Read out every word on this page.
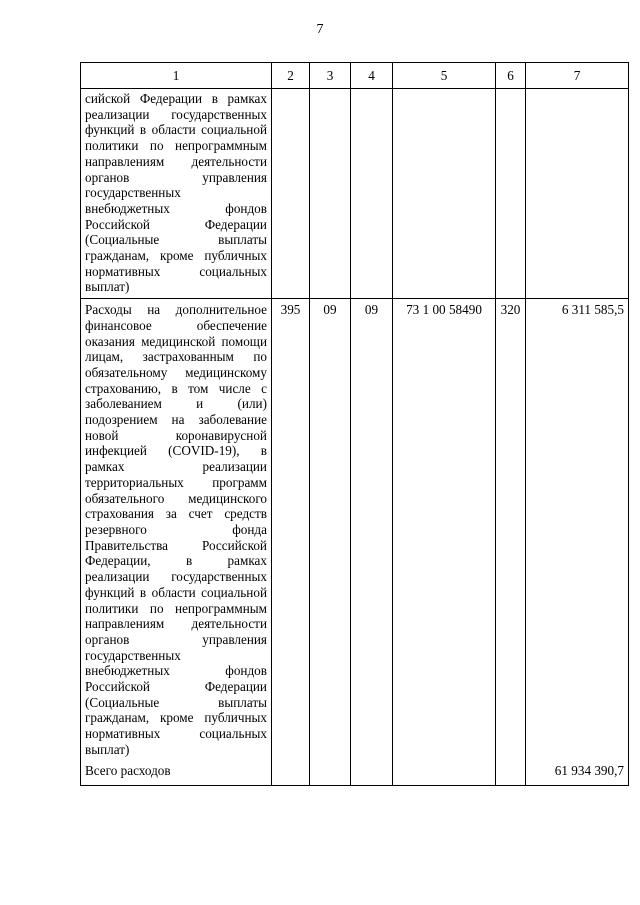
7
1	2	3	4	5	6	7
сийской Федерации в рамках реализации государственных функций в области социальной политики по непрограммным направлениям деятельности органов управления государственных внебюджетных фондов Российской Федерации (Социальные выплаты гражданам, кроме публичных нормативных социальных выплат)						
Расходы на дополнительное финансовое обеспечение оказания медицинской помощи лицам, застрахованным по обязательному медицинскому страхованию, в том числе с заболеванием и (или) подозрением на заболевание новой коронавирусной инфекцией (COVID-19), в рамках реализации территориальных программ обязательного медицинского страхования за счет средств резервного фонда Правительства Российской Федерации, в рамках реализации государственных функций в области социальной политики по непрограммным направлениям деятельности органов управления государственных внебюджетных фондов Российской Федерации (Социальные выплаты гражданам, кроме публичных нормативных социальных выплат)	395	09	09	73 1 00 58490	320	6 311 585,5
Всего расходов						61 934 390,7
